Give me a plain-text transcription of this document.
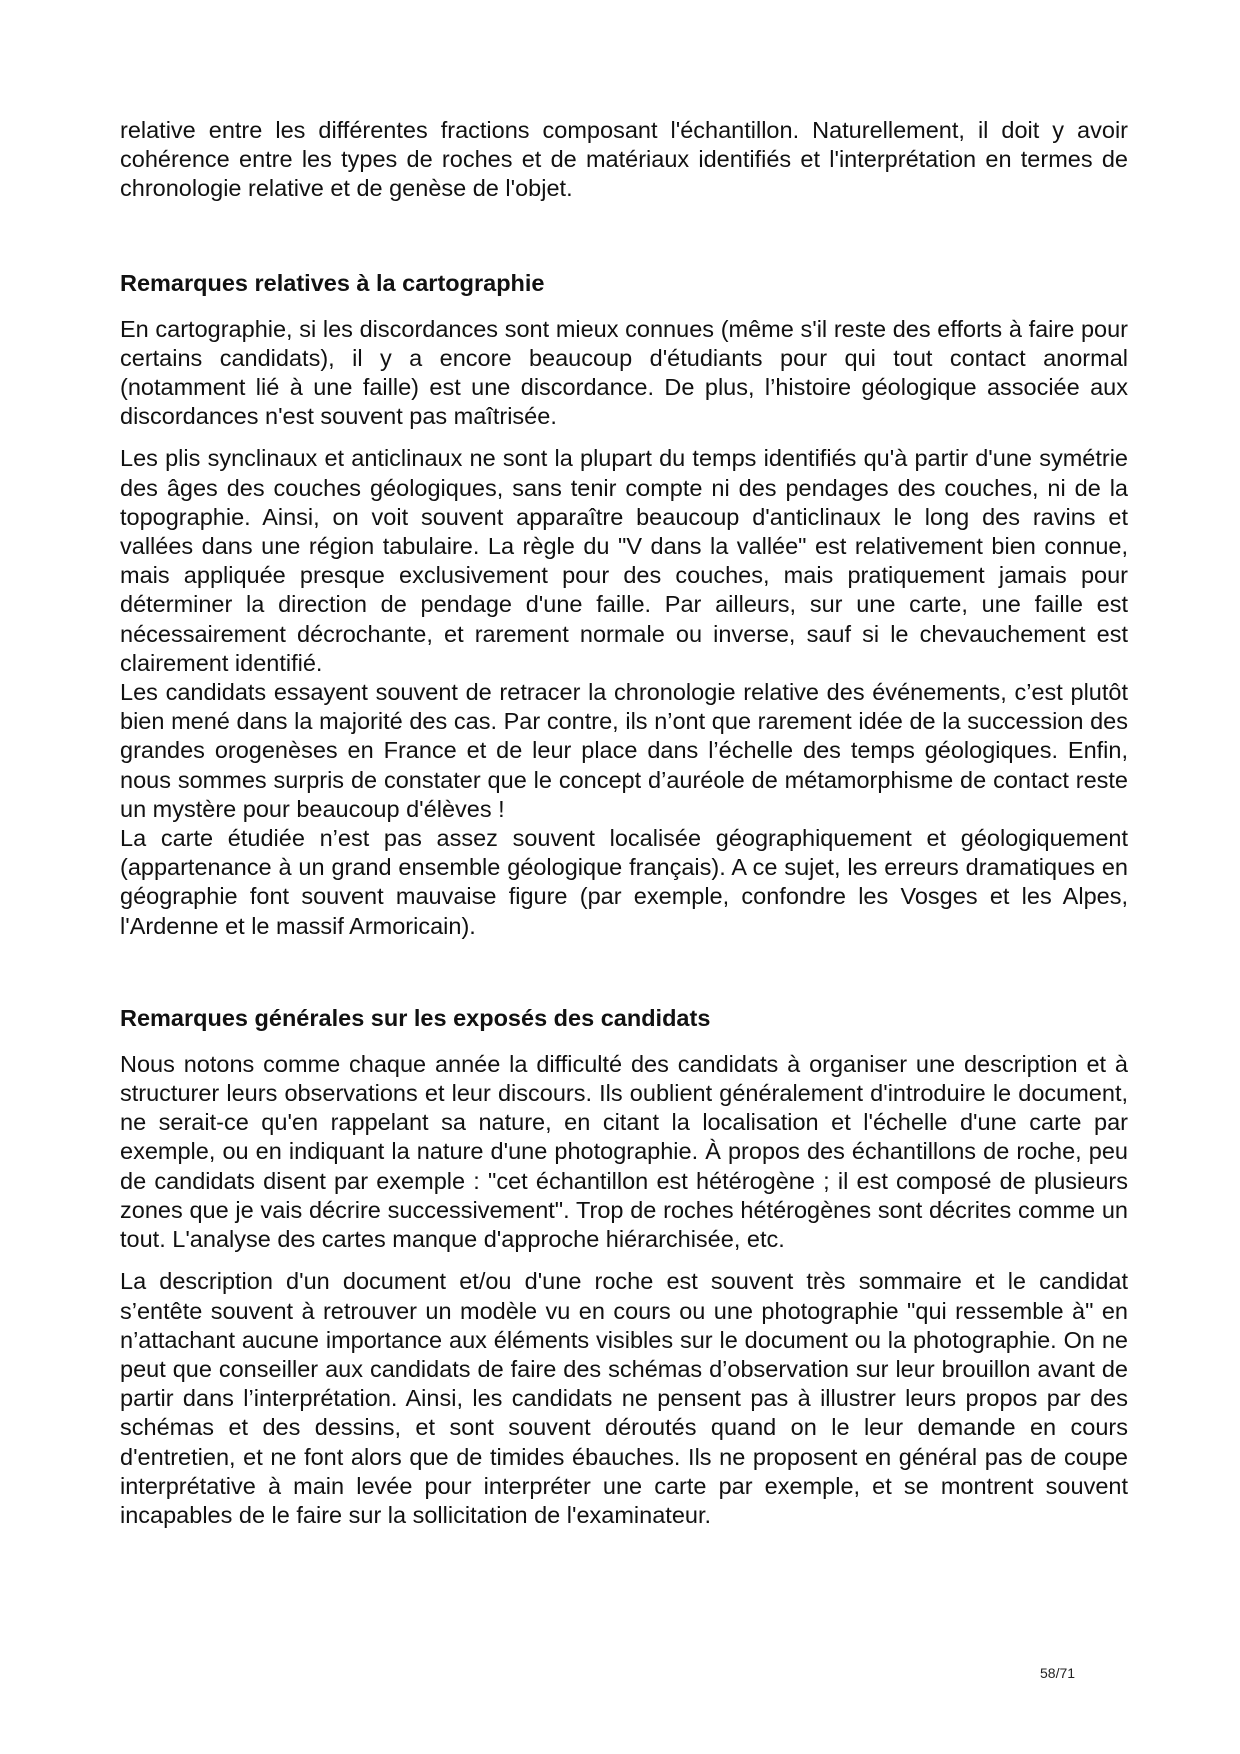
relative entre les différentes fractions composant l'échantillon. Naturellement, il doit y avoir cohérence entre les types de roches et de matériaux identifiés et l'interprétation en termes de chronologie relative et de genèse de l'objet.

Remarques relatives à la cartographie

En cartographie, si les discordances sont mieux connues (même s'il reste des efforts à faire pour certains candidats), il y a encore beaucoup d'étudiants pour qui tout contact anormal (notamment lié à une faille) est une discordance. De plus, l’histoire géologique associée aux discordances n'est souvent pas maîtrisée.

Les plis synclinaux et anticlinaux ne sont la plupart du temps identifiés qu'à partir d'une symétrie des âges des couches géologiques, sans tenir compte ni des pendages des couches, ni de la topographie. Ainsi, on voit souvent apparaître beaucoup d'anticlinaux le long des ravins et vallées dans une région tabulaire. La règle du "V dans la vallée" est relativement bien connue, mais appliquée presque exclusivement pour des couches, mais pratiquement jamais pour déterminer la direction de pendage d'une faille. Par ailleurs, sur une carte, une faille est nécessairement décrochante, et rarement normale ou inverse, sauf si le chevauchement est clairement identifié.

Les candidats essayent souvent de retracer la chronologie relative des événements, c’est plutôt bien mené dans la majorité des cas. Par contre, ils n’ont que rarement idée de la succession des grandes orogenèses en France et de leur place dans l’échelle des temps géologiques. Enfin, nous sommes surpris de constater que le concept d’auréole de métamorphisme de contact reste un mystère pour beaucoup d'élèves !

La carte étudiée n’est pas assez souvent localisée géographiquement et géologiquement (appartenance à un grand ensemble géologique français). A ce sujet, les erreurs dramatiques en géographie font souvent mauvaise figure (par exemple, confondre les Vosges et les Alpes, l'Ardenne et le massif Armoricain).

Remarques générales sur les exposés des candidats

Nous notons comme chaque année la difficulté des candidats à organiser une description et à structurer leurs observations et leur discours. Ils oublient généralement d'introduire le document, ne serait-ce qu'en rappelant sa nature, en citant la localisation et l'échelle d'une carte par exemple, ou en indiquant la nature d'une photographie. À propos des échantillons de roche, peu de candidats disent par exemple : "cet échantillon est hétérogène ; il est composé de plusieurs zones que je vais décrire successivement". Trop de roches hétérogènes sont décrites comme un tout. L'analyse des cartes manque d'approche hiérarchisée, etc.

La description d'un document et/ou d'une roche est souvent très sommaire et le candidat s’entête souvent à retrouver un modèle vu en cours ou une photographie "qui ressemble à" en n’attachant aucune importance aux éléments visibles sur le document ou la photographie. On ne peut que conseiller aux candidats de faire des schémas d’observation sur leur brouillon avant de partir dans l’interprétation. Ainsi, les candidats ne pensent pas à illustrer leurs propos par des schémas et des dessins, et sont souvent déroutés quand on le leur demande en cours d'entretien, et ne font alors que de timides ébauches. Ils ne proposent en général pas de coupe interprétative à main levée pour interpréter une carte par exemple, et se montrent souvent incapables de le faire sur la sollicitation de l'examinateur.

58/71
